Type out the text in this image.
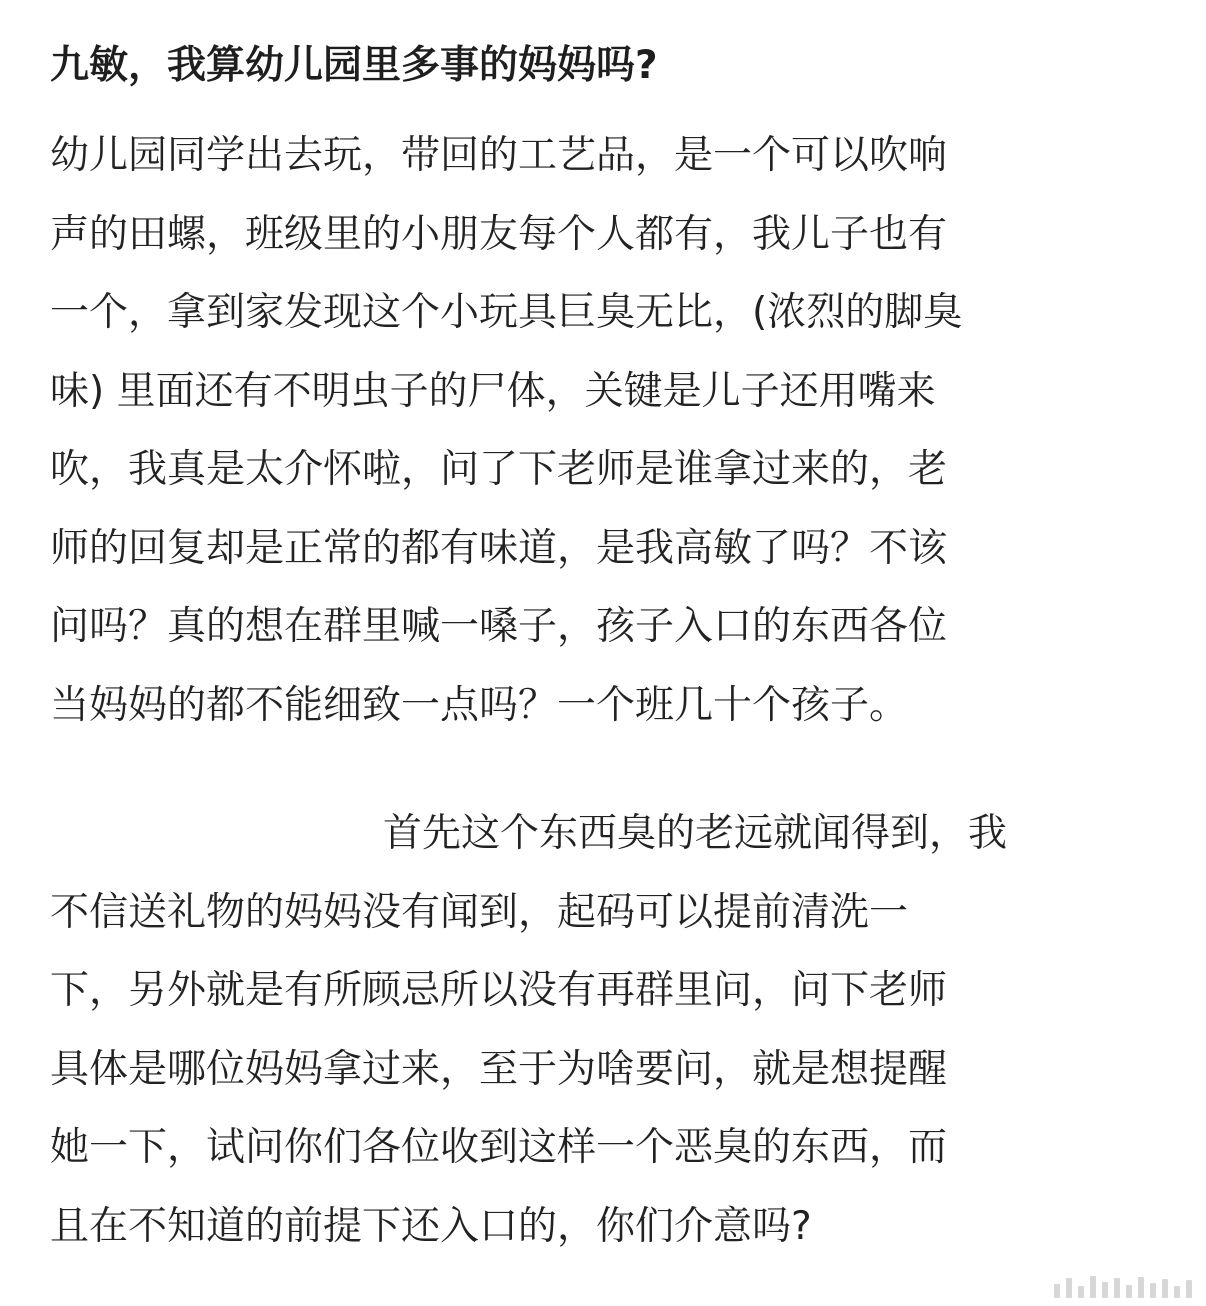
九敏，我算幼儿园里多事的妈妈吗?
幼儿园同学出去玩，带回的工艺品，是一个可以吹响
声的田螺，班级里的小朋友每个人都有，我儿子也有
一个，拿到家发现这个小玩具巨臭无比，(浓烈的脚臭
味) 里面还有不明虫子的尸体，关键是儿子还用嘴来
吹，我真是太介怀啦，问了下老师是谁拿过来的，老
师的回复却是正常的都有味道，是我高敏了吗？不该
问吗？真的想在群里喊一嗓子，孩子入口的东西各位
当妈妈的都不能细致一点吗？一个班几十个孩子。
首先这个东西臭的老远就闻得到，我
不信送礼物的妈妈没有闻到，起码可以提前清洗一
下，另外就是有所顾忌所以没有再群里问，问下老师
具体是哪位妈妈拿过来，至于为啥要问，就是想提醒
她一下，试问你们各位收到这样一个恶臭的东西，而
且在不知道的前提下还入口的，你们介意吗?
